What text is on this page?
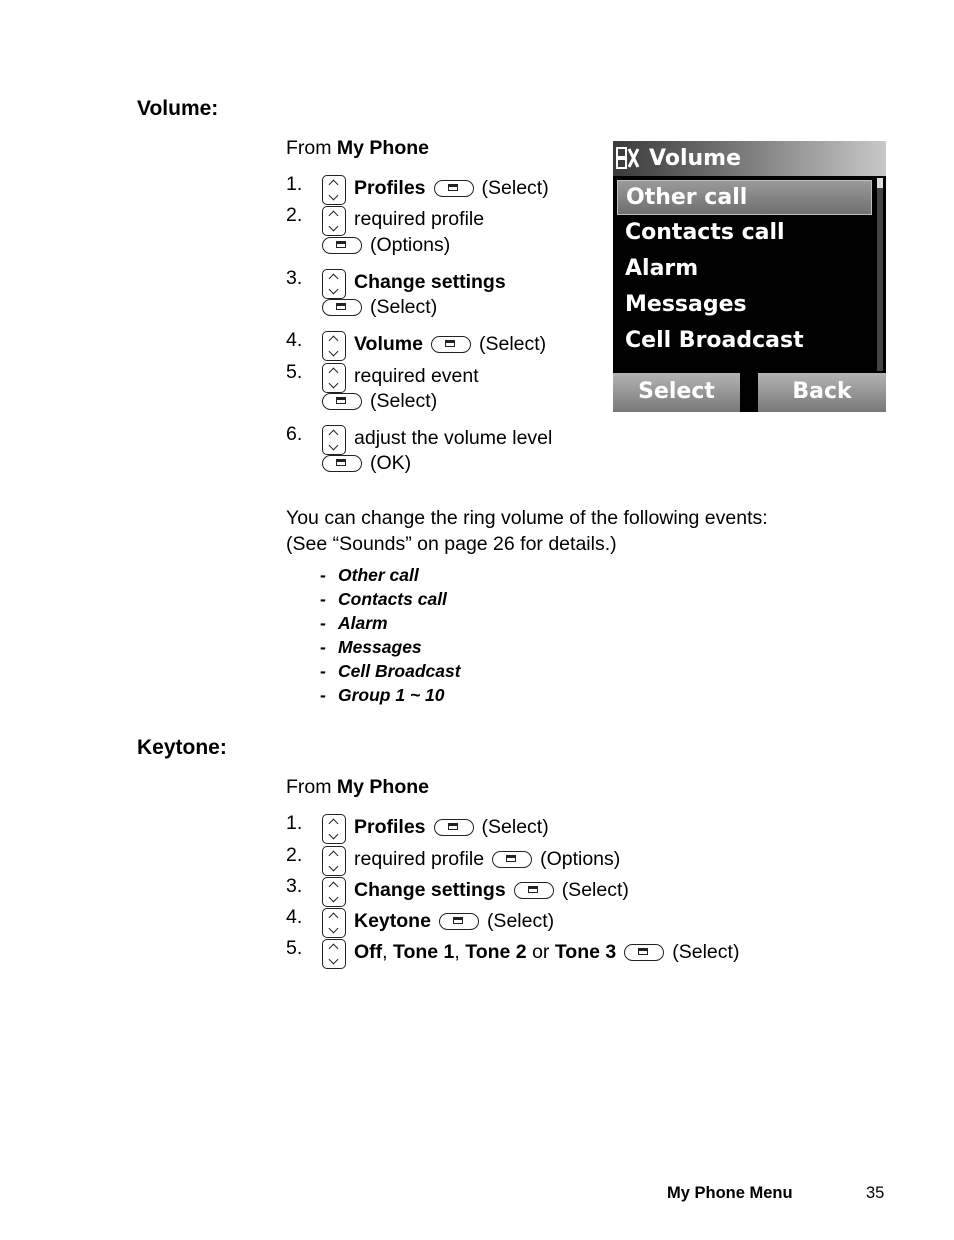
Volume:
From My Phone
1.	Profiles	(Select)
2.	required profile
(Options)
3.	Change settings
(Select)
4.	Volume	(Select)
5.	required event
(Select)
6.	adjust the volume level
(OK)
Volume
Other call
Contacts call
Alarm
Messages
Cell Broadcast
Select	Back
You can change the ring volume of the following events:
(See “Sounds” on page 26 for details.)
- Other call
- Contacts call
- Alarm
- Messages
- Cell Broadcast
- Group 1 ~ 10
Keytone:
From My Phone
1.	Profiles	(Select)
2.	required profile	(Options)
3.	Change settings	(Select)
4.	Keytone	(Select)
5.	Off, Tone 1, Tone 2 or Tone 3	(Select)
My Phone Menu	35
